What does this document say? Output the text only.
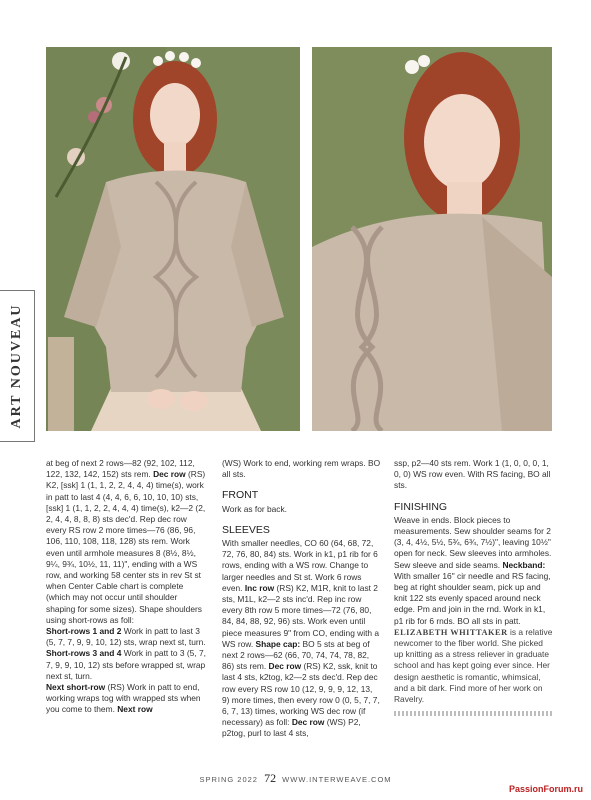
ART NOUVEAU

at beg of next 2 rows—82 (92, 102, 112, 122, 132, 142, 152) sts rem. Dec row (RS) K2, [ssk] 1 (1, 1, 2, 2, 4, 4, 4) time(s), work in patt to last 4 (4, 4, 6, 6, 10, 10, 10) sts, [ssk] 1 (1, 1, 2, 2, 4, 4, 4) time(s), k2—2 (2, 2, 4, 4, 8, 8, 8) sts dec'd. Rep dec row every RS row 2 more times—76 (86, 96, 106, 110, 108, 118, 128) sts rem. Work even until armhole measures 8 (8½, 8½, 9¼, 9¾, 10½, 11, 11)", ending with a WS row, and working 58 center sts in rev St st when Center Cable chart is complete (which may not occur until shoulder shaping for some sizes). Shape shoulders using short-rows as foll:

Short-rows 1 and 2 Work in patt to last 3 (5, 7, 7, 9, 9, 10, 12) sts, wrap next st, turn.

Short-rows 3 and 4 Work in patt to 3 (5, 7, 7, 9, 9, 10, 12) sts before wrapped st, wrap next st, turn.

Next short-row (RS) Work in patt to end, working wraps tog with wrapped sts when you come to them. Next row

(WS) Work to end, working rem wraps. BO all sts.

FRONT

Work as for back.

SLEEVES

With smaller needles, CO 60 (64, 68, 72, 72, 76, 80, 84) sts. Work in k1, p1 rib for 6 rows, ending with a WS row. Change to larger needles and St st. Work 6 rows even. Inc row (RS) K2, M1R, knit to last 2 sts, M1L, k2—2 sts inc'd. Rep inc row every 8th row 5 more times—72 (76, 80, 84, 84, 88, 92, 96) sts. Work even until piece measures 9" from CO, ending with a WS row. Shape cap: BO 5 sts at beg of next 2 rows—62 (66, 70, 74, 74, 78, 82, 86) sts rem. Dec row (RS) K2, ssk, knit to last 4 sts, k2tog, k2—2 sts dec'd. Rep dec row every RS row 10 (12, 9, 9, 9, 12, 13, 9) more times, then every row 0 (0, 5, 7, 7, 6, 7, 13) times, working WS dec row (if necessary) as foll: Dec row (WS) P2, p2tog, purl to last 4 sts,

ssp, p2—40 sts rem. Work 1 (1, 0, 0, 0, 1, 0, 0) WS row even. With RS facing, BO all sts.

FINISHING

Weave in ends. Block pieces to measurements. Sew shoulder seams for 2 (3, 4, 4½, 5½, 5¾, 6¾, 7½)", leaving 10½" open for neck. Sew sleeves into armholes. Sew sleeve and side seams. Neckband: With smaller 16" cir needle and RS facing, beg at right shoulder seam, pick up and knit 122 sts evenly spaced around neck edge. Pm and join in the rnd. Work in k1, p1 rib for 6 rnds. BO all sts in patt.

ELIZABETH WHITTAKER is a relative newcomer to the fiber world. She picked up knitting as a stress reliever in graduate school and has kept going ever since. Her design aesthetic is romantic, whimsical, and a bit dark. Find more of her work on Ravelry.

SPRING 2022 72 WWW.INTERWEAVE.COM
PassionForum.ru
